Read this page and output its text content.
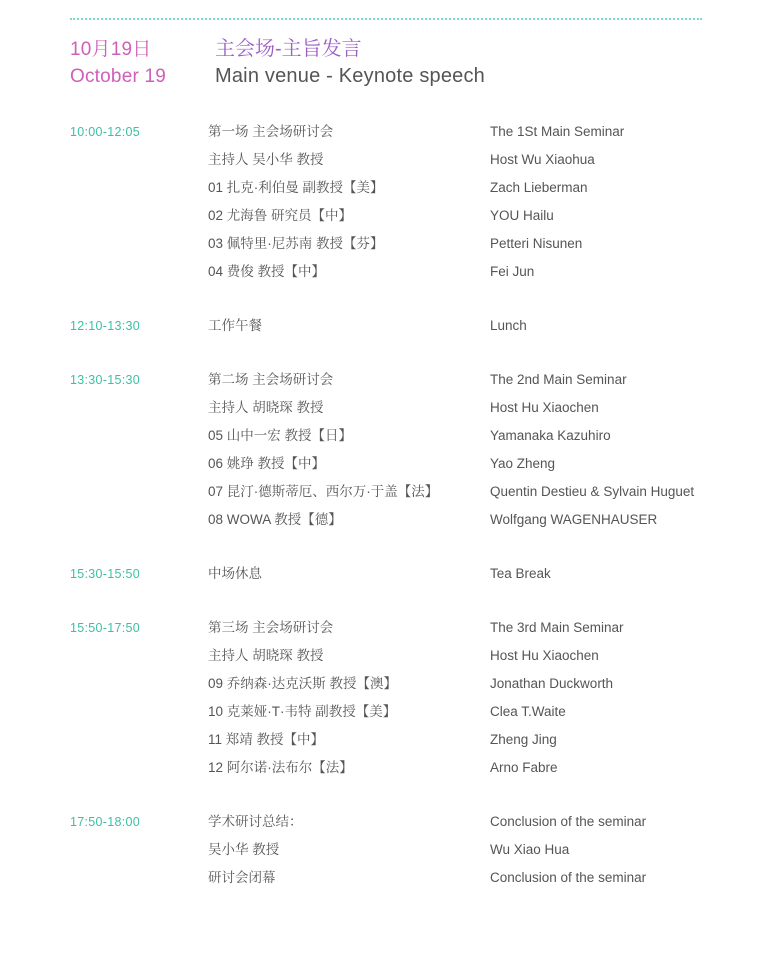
10月19日
October 19
主会场-主旨发言
Main venue - Keynote speech
10:00-12:05	第一场 主会场研讨会	The 1St Main Seminar
主持人 吴小华 教授	Host Wu Xiaohua
01 扎克·利伯曼 副教授【美】	Zach Lieberman
02 尤海鲁 研究员【中】	YOU Hailu
03 佩特里·尼苏南 教授【芬】	Petteri Nisunen
04 费俊 教授【中】	Fei Jun
12:10-13:30	工作午餐	Lunch
13:30-15:30	第二场 主会场研讨会	The 2nd Main Seminar
主持人 胡晓琛 教授	Host Hu Xiaochen
05 山中一宏 教授【日】	Yamanaka Kazuhiro
06 姚琤 教授【中】	Yao Zheng
07 昆汀·德斯蒂厄、西尔万·于盖【法】	Quentin Destieu & Sylvain Huguet
08 WOWA 教授【德】	Wolfgang WAGENHAUSER
15:30-15:50	中场休息	Tea Break
15:50-17:50	第三场 主会场研讨会	The 3rd Main Seminar
主持人 胡晓琛 教授	Host Hu Xiaochen
09 乔纳森·达克沃斯 教授【澳】	Jonathan Duckworth
10 克莱娅·T·韦特 副教授【美】	Clea T.Waite
11 郑靖 教授【中】	Zheng Jing
12 阿尔诺·法布尔【法】	Arno Fabre
17:50-18:00	学术研讨总结：	Conclusion of the seminar
吴小华 教授	Wu Xiao Hua
研讨会闭幕	Conclusion of the seminar
